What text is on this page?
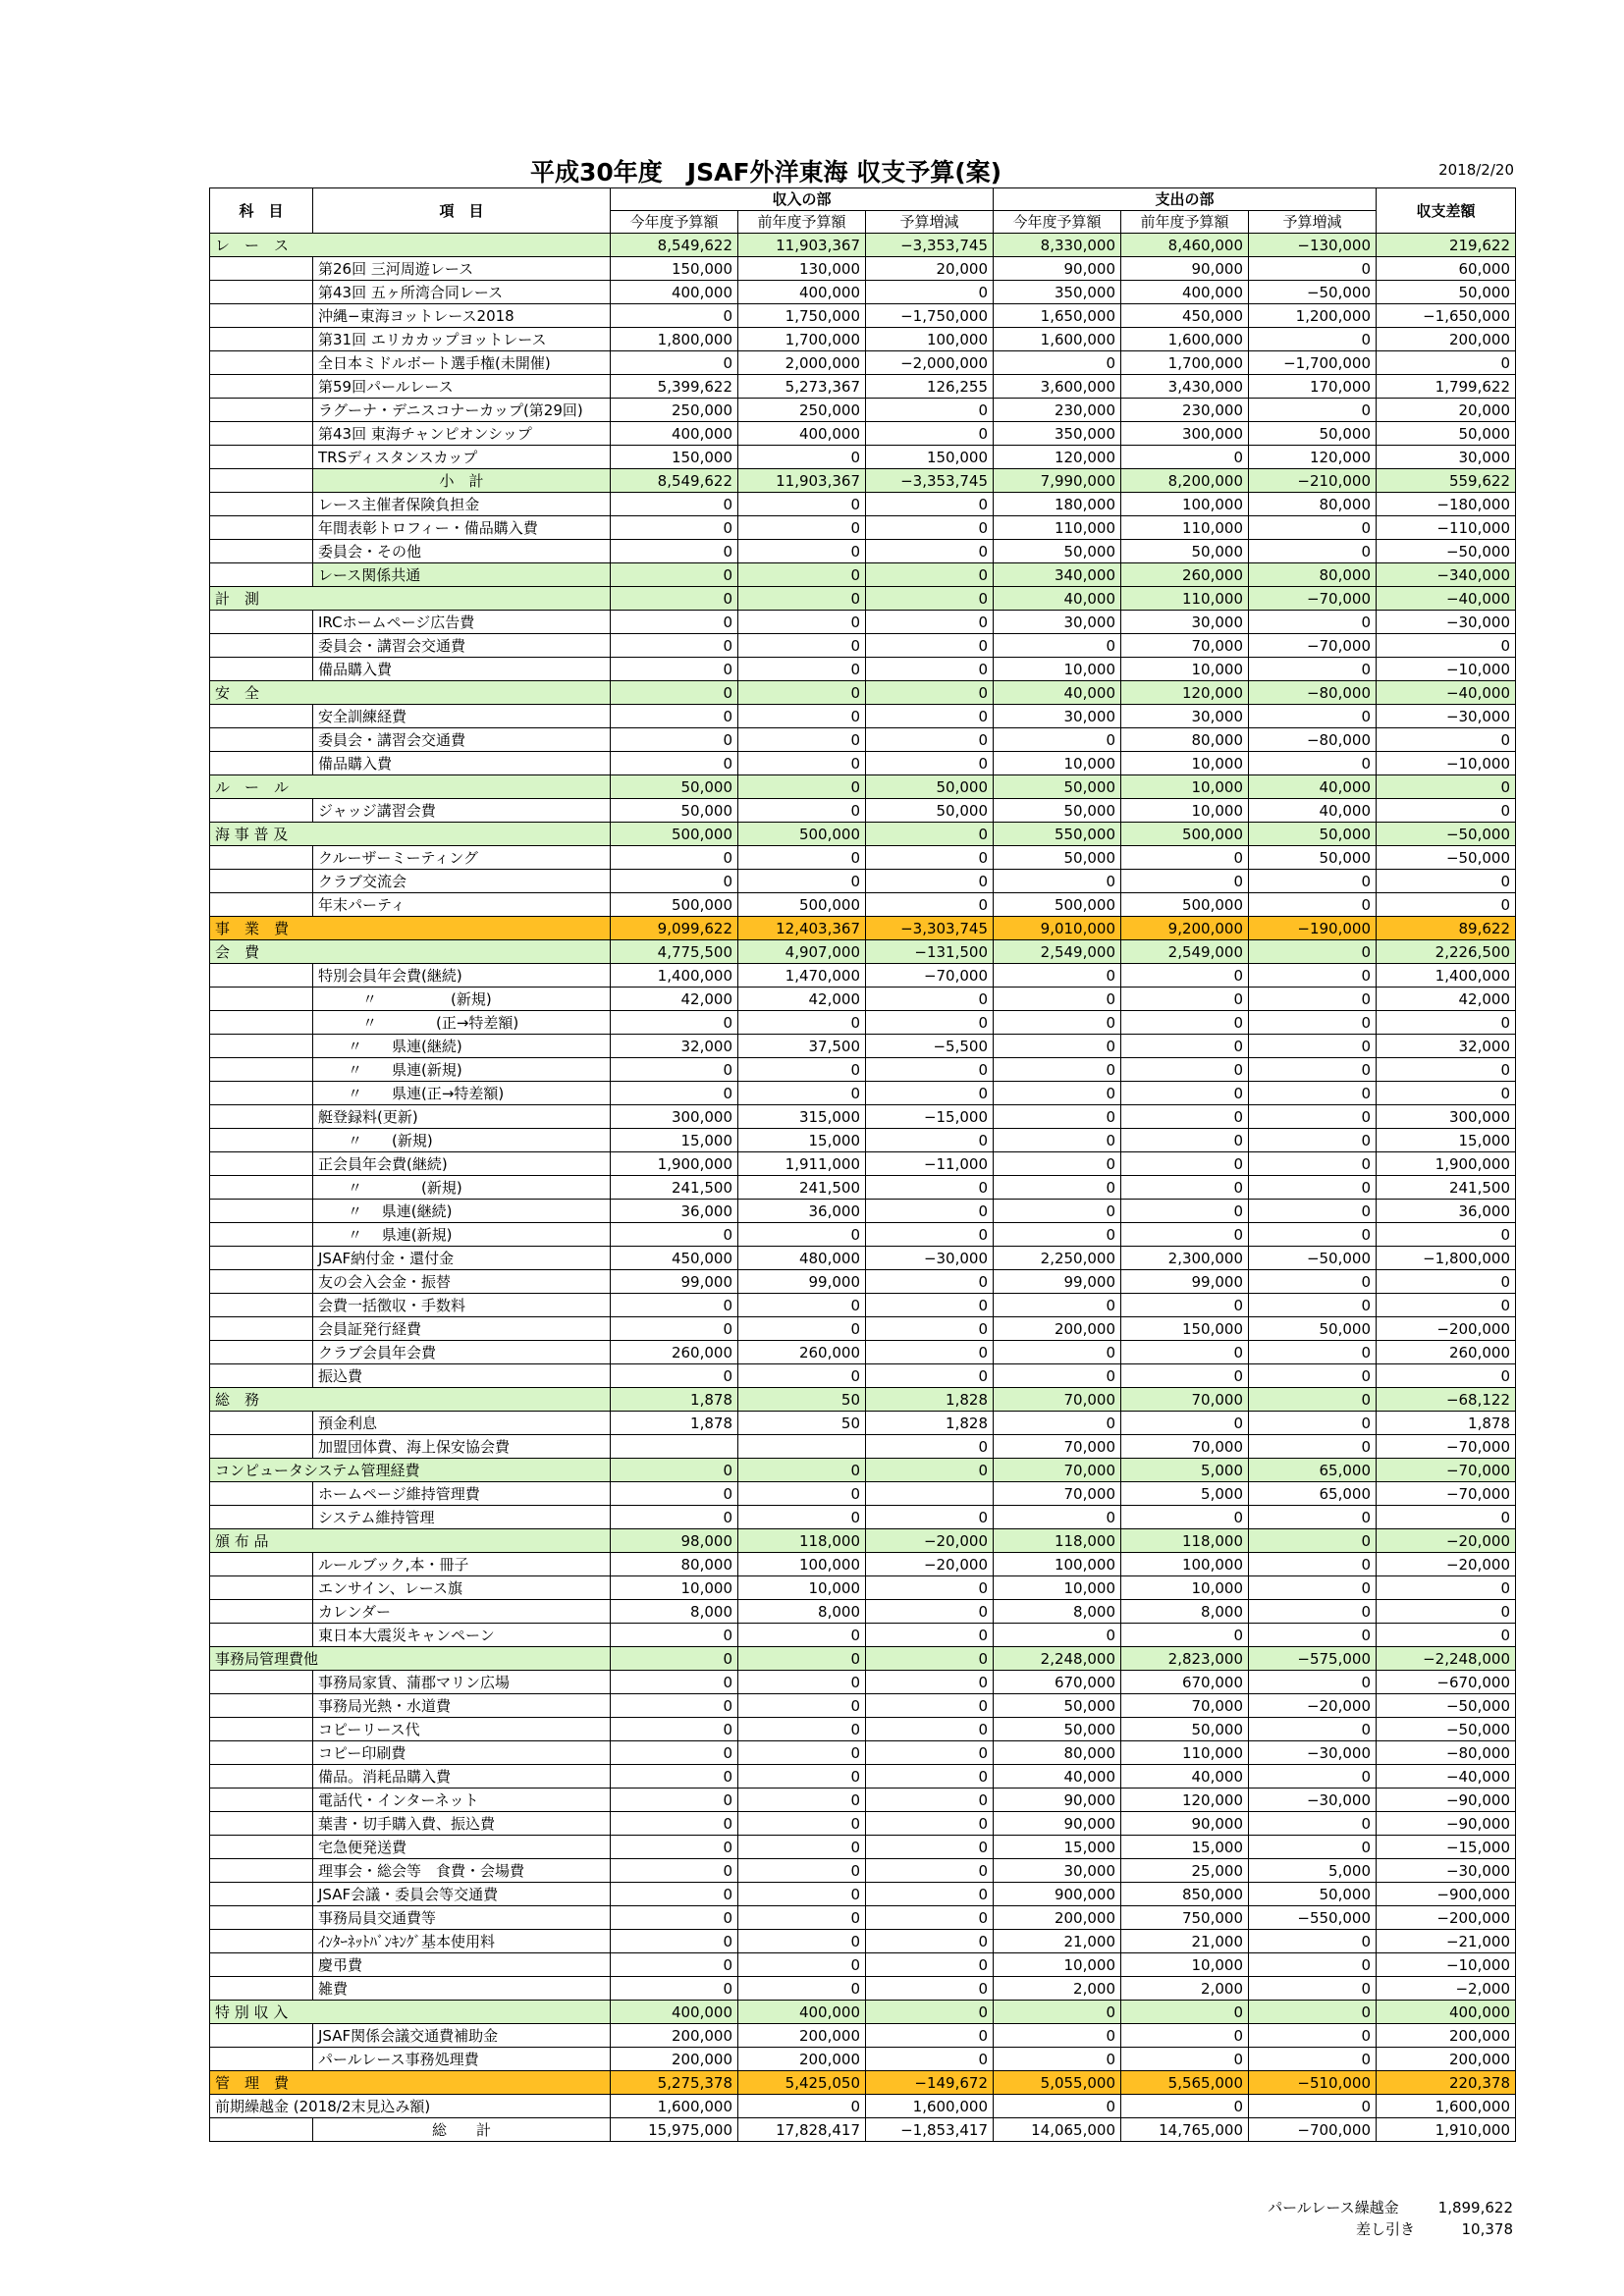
平成30年度　JSAF外洋東海 収支予算(案)	2018/2/20
科　目	項　目	収入の部			支出の部			収支差額
		今年度予算額	前年度予算額	予算増減	今年度予算額	前年度予算額	予算増減	
レ　ー　ス		8,549,622	11,903,367	−3,353,745	8,330,000	8,460,000	−130,000	219,622
	第26回 三河周遊レース	150,000	130,000	20,000	90,000	90,000	0	60,000
	第43回 五ヶ所湾合同レース	400,000	400,000	0	350,000	400,000	−50,000	50,000
	沖縄−東海ヨットレース2018	0	1,750,000	−1,750,000	1,650,000	450,000	1,200,000	−1,650,000
	第31回 エリカカップヨットレース	1,800,000	1,700,000	100,000	1,600,000	1,600,000	0	200,000
	全日本ミドルボート選手権(未開催)	0	2,000,000	−2,000,000	0	1,700,000	−1,700,000	0
	第59回パールレース	5,399,622	5,273,367	126,255	3,600,000	3,430,000	170,000	1,799,622
	ラグーナ・デニスコナーカップ(第29回)	250,000	250,000	0	230,000	230,000	0	20,000
	第43回 東海チャンピオンシップ	400,000	400,000	0	350,000	300,000	50,000	50,000
	TRSディスタンスカップ	150,000	0	150,000	120,000	0	120,000	30,000
	小　計	8,549,622	11,903,367	−3,353,745	7,990,000	8,200,000	−210,000	559,622
	レース主催者保険負担金	0	0	0	180,000	100,000	80,000	−180,000
	年間表彰トロフィー・備品購入費	0	0	0	110,000	110,000	0	−110,000
	委員会・その他	0	0	0	50,000	50,000	0	−50,000
	レース関係共通	0	0	0	340,000	260,000	80,000	−340,000
計　測		0	0	0	40,000	110,000	−70,000	−40,000
	IRCホームページ広告費	0	0	0	30,000	30,000	0	−30,000
	委員会・講習会交通費	0	0	0	0	70,000	−70,000	0
	備品購入費	0	0	0	10,000	10,000	0	−10,000
安　全		0	0	0	40,000	120,000	−80,000	−40,000
	安全訓練経費	0	0	0	30,000	30,000	0	−30,000
	委員会・講習会交通費	0	0	0	0	80,000	−80,000	0
	備品購入費	0	0	0	10,000	10,000	0	−10,000
ル　ー　ル		50,000	0	50,000	50,000	10,000	40,000	0
	ジャッジ講習会費	50,000	0	50,000	50,000	10,000	40,000	0
海 事 普 及		500,000	500,000	0	550,000	500,000	50,000	−50,000
	クルーザーミーティング	0	0	0	50,000	0	50,000	−50,000
	クラブ交流会	0	0	0	0	0	0	0
	年末パーティ	500,000	500,000	0	500,000	500,000	0	0
事　業　費		9,099,622	12,403,367	−3,303,745	9,010,000	9,200,000	−190,000	89,622
会　費		4,775,500	4,907,000	−131,500	2,549,000	2,549,000	0	2,226,500
	特別会員年会費(継続)	1,400,000	1,470,000	−70,000	0	0	0	1,400,000
	　　　〃　　　　　(新規)	42,000	42,000	0	0	0	0	42,000
	　　　〃　　　　(正→特差額)	0	0	0	0	0	0	0
	　　〃　　県連(継続)	32,000	37,500	−5,500	0	0	0	32,000
	　　〃　　県連(新規)	0	0	0	0	0	0	0
	　　〃　　県連(正→特差額)	0	0	0	0	0	0	0
	艇登録料(更新)	300,000	315,000	−15,000	0	0	0	300,000
	　　〃　　(新規)	15,000	15,000	0	0	0	0	15,000
	正会員年会費(継続)	1,900,000	1,911,000	−11,000	0	0	0	1,900,000
	　　〃　　　　(新規)	241,500	241,500	0	0	0	0	241,500
	　　〃　 県連(継続)	36,000	36,000	0	0	0	0	36,000
	　　〃　 県連(新規)	0	0	0	0	0	0	0
	JSAF納付金・還付金	450,000	480,000	−30,000	2,250,000	2,300,000	−50,000	−1,800,000
	友の会入会金・振替	99,000	99,000	0	99,000	99,000	0	0
	会費一括徴収・手数料	0	0	0	0	0	0	0
	会員証発行経費	0	0	0	200,000	150,000	50,000	−200,000
	クラブ会員年会費	260,000	260,000	0	0	0	0	260,000
	振込費	0	0	0	0	0	0	0
総　務		1,878	50	1,828	70,000	70,000	0	−68,122
	預金利息	1,878	50	1,828	0	0	0	1,878
	加盟団体費、海上保安協会費			0	70,000	70,000	0	−70,000
コンピュータシステム管理経費		0	0	0	70,000	5,000	65,000	−70,000
	ホームページ維持管理費	0	0		70,000	5,000	65,000	−70,000
	システム維持管理	0	0	0	0	0	0	0
頒 布 品		98,000	118,000	−20,000	118,000	118,000	0	−20,000
	ルールブック,本・冊子	80,000	100,000	−20,000	100,000	100,000	0	−20,000
	エンサイン、レース旗	10,000	10,000	0	10,000	10,000	0	0
	カレンダー	8,000	8,000	0	8,000	8,000	0	0
	東日本大震災キャンペーン	0	0	0	0	0	0	0
事務局管理費他		0	0	0	2,248,000	2,823,000	−575,000	−2,248,000
	事務局家賃、蒲郡マリン広場	0	0	0	670,000	670,000	0	−670,000
	事務局光熱・水道費	0	0	0	50,000	70,000	−20,000	−50,000
	コピーリース代	0	0	0	50,000	50,000	0	−50,000
	コピー印刷費	0	0	0	80,000	110,000	−30,000	−80,000
	備品。消耗品購入費	0	0	0	40,000	40,000	0	−40,000
	電話代・インターネット	0	0	0	90,000	120,000	−30,000	−90,000
	葉書・切手購入費、振込費	0	0	0	90,000	90,000	0	−90,000
	宅急便発送費	0	0	0	15,000	15,000	0	−15,000
	理事会・総会等　食費・会場費	0	0	0	30,000	25,000	5,000	−30,000
	JSAF会議・委員会等交通費	0	0	0	900,000	850,000	50,000	−900,000
	事務局員交通費等	0	0	0	200,000	750,000	−550,000	−200,000
	ｲﾝﾀｰﾈｯﾄﾊﾞﾝｷﾝｸﾞ基本使用料	0	0	0	21,000	21,000	0	−21,000
	慶弔費	0	0	0	10,000	10,000	0	−10,000
	雑費	0	0	0	2,000	2,000	0	−2,000
特 別 収 入		400,000	400,000	0	0	0	0	400,000
	JSAF関係会議交通費補助金	200,000	200,000	0	0	0	0	200,000
	パールレース事務処理費	200,000	200,000	0	0	0	0	200,000
管　理　費		5,275,378	5,425,050	−149,672	5,055,000	5,565,000	−510,000	220,378
前期繰越金 (2018/2末見込み額)		1,600,000	0	1,600,000	0	0	0	1,600,000
	総　　計	15,975,000	17,828,417	−1,853,417	14,065,000	14,765,000	−700,000	1,910,000
パールレース繰越金	1,899,622
差し引き	10,378
